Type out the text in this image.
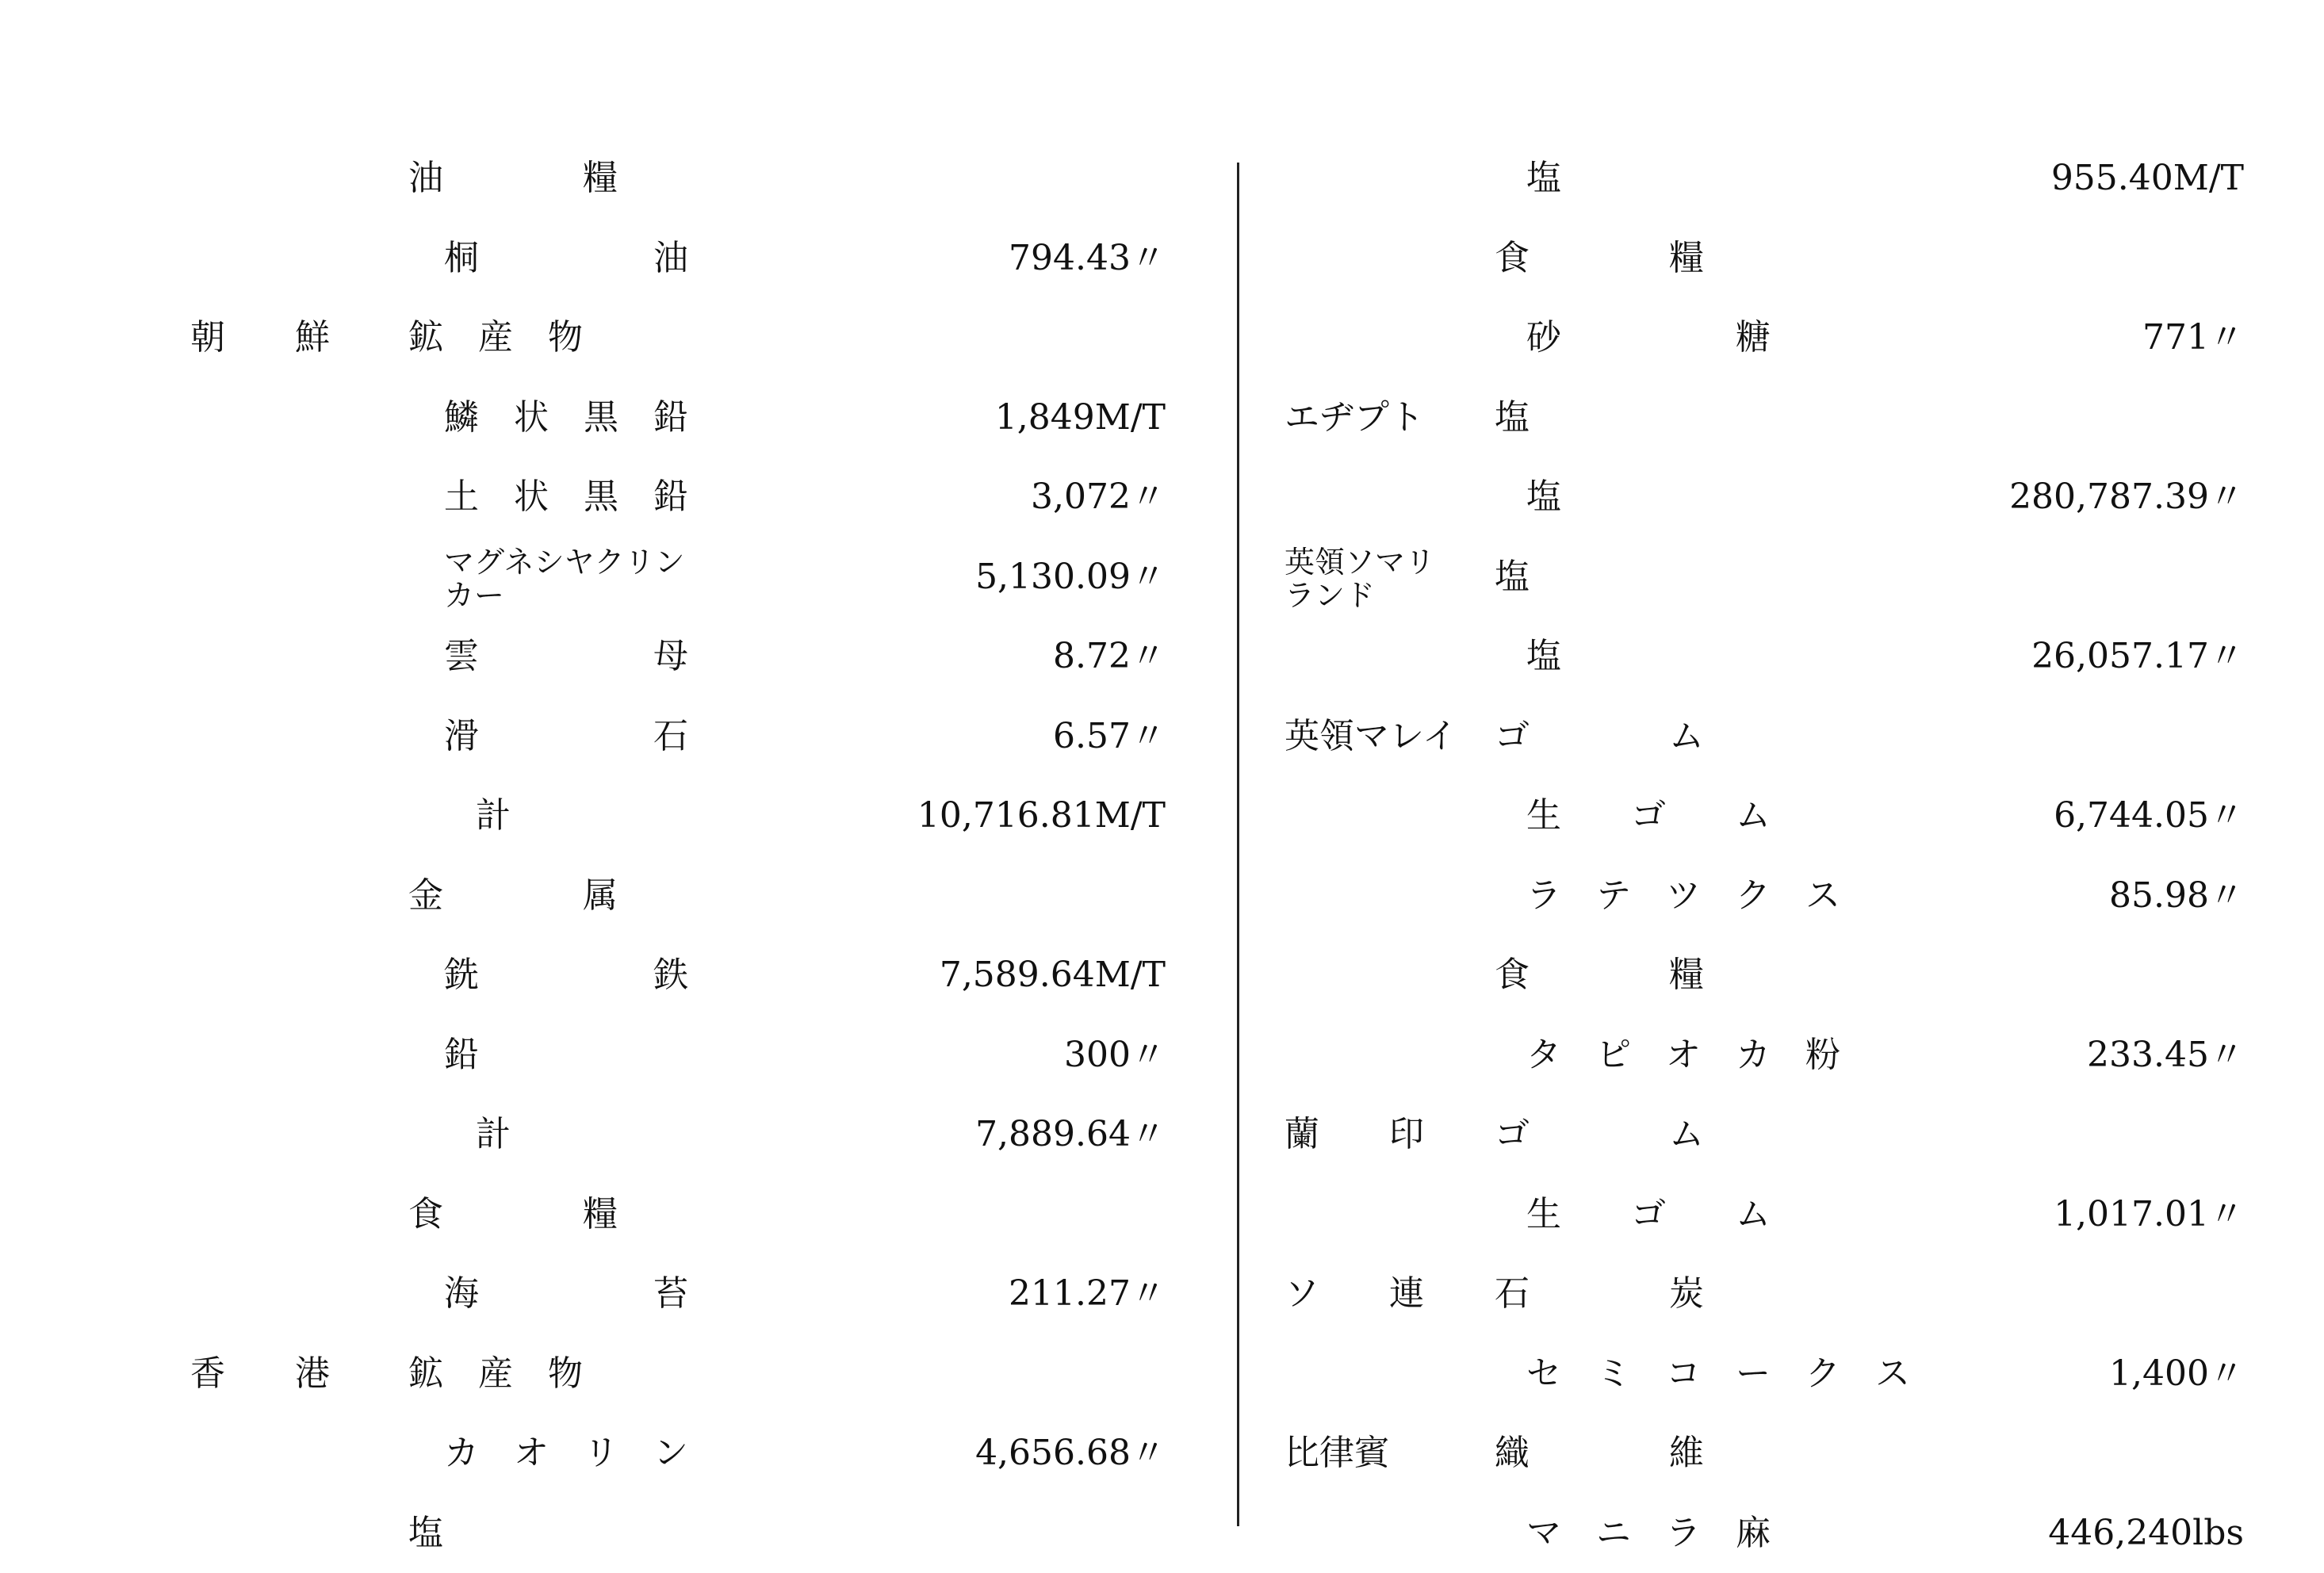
油　　　　糧
桐　　　　　油	794.43〃
朝　　鮮 鉱　産　物
鱗　状　黒　鉛	1,849M/T
土　状　黒　鉛	3,072〃
マグネシヤクリン
カー	5,130.09〃
雲　　　　　母	8.72〃
滑　　　　　石	6.57〃
計	10,716.81M/T
金　　　　属
銑　　　　　鉄	7,589.64M/T
鉛	300〃
計	7,889.64〃
食　　　　糧
海　　　　　苔	211.27〃
香　　港 鉱　産　物
カ　オ　リ　ン	4,656.68〃
塩
塩	955.40M/T
食　　　　糧
砂　　　　　糖	771〃
エヂプト 塩
塩	280,787.39〃
英領ソマリ
ランド	塩
塩	26,057.17〃
英領マレイ ゴ　　　　ム
生　　ゴ　　ム	6,744.05〃
ラ　テ　ツ　ク　ス	85.98〃
食　　　　糧
タ　ピ　オ　カ　粉	233.45〃
蘭　　印 ゴ　　　　ム
生　　ゴ　　ム	1,017.01〃
ソ　　連 石　　　　炭
セ　ミ　コ　ー　ク　ス	1,400〃
比律賓	織　　　　維
マ　ニ　ラ　麻	446,240lbs
